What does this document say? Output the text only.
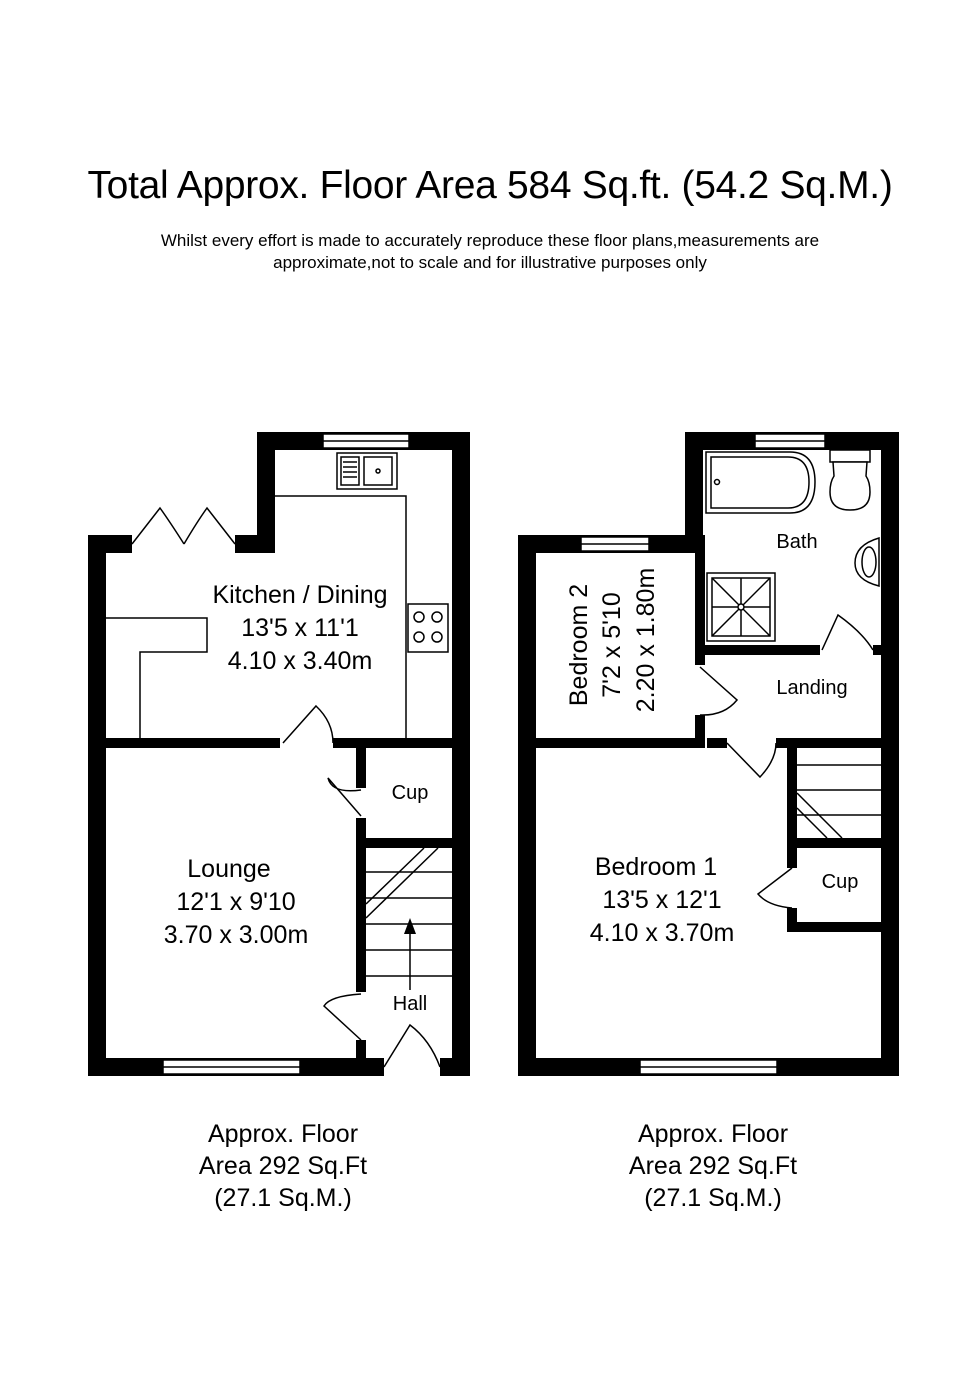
Total Approx. Floor Area 584 Sq.ft. (54.2 Sq.M.)
Whilst every effort is made to accurately reproduce these floor plans,measurements are
approximate,not to scale and for illustrative purposes only
Kitchen / Dining
13'5 x 11'1
4.10 x 3.40m
Lounge
12'1 x 9'10
3.70 x 3.00m
Cup
Hall
Bath
Bedroom 2 7'2 x 5'10 2.20 x 1.80m	Landing
Bedroom 1
13'5 x 12'1
4.10 x 3.70m
Cup
Approx. Floor
Area 292 Sq.Ft
(27.1 Sq.M.)
Approx. Floor
Area 292 Sq.Ft
(27.1 Sq.M.)
